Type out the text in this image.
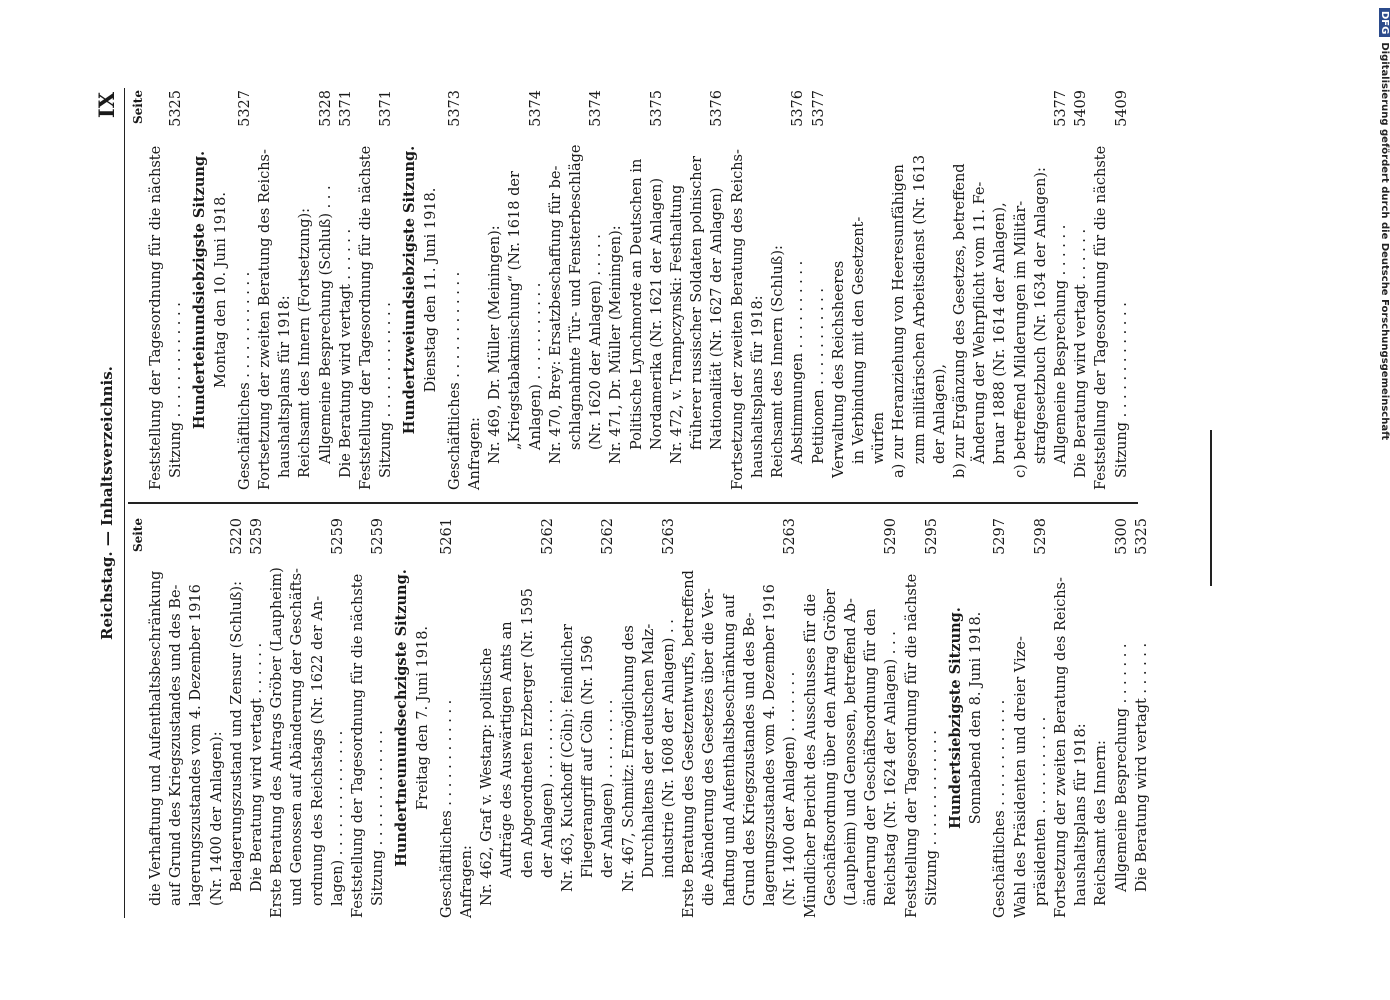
Reichstag. — Inhaltsverzeichnis.
IX
Seite
die Verhaftung und Aufenthaltsbeschränkung auf Grund des Kriegszustandes und des Be- lagerungszustandes vom 4. Dezember 1916 (Nr. 1400 der Anlagen): Belagerungszustand und Zensur (Schluß):
5220
Die Beratung wird vertagt . . . . . .
5259
Erste Beratung des Antrags Gröber (Laupheim) und Genossen auf Abänderung der Geschäfts- ordnung des Reichstags (Nr. 1622 der An- lagen) . . . . . . . . . . . . . .
5259
Feststellung der Tagesordnung für die nächste Sitzung . . . . . . . . . . . . .
5259
Hundertneunundsechzigste Sitzung. Freitag den 7. Juni 1918. Geschäftliches . . . . . . . . . . . .
5261
Anfragen: Nr. 462, Graf v. Westarp: politische Aufträge des Auswärtigen Amts an den Abgeordneten Erzberger (Nr. 1595 der Anlagen) . . . . . . . . .
5262
Nr. 463, Kuckhoff (Cöln): feindlicher Fliegerangriff auf Cöln (Nr. 1596 der Anlagen) . . . . . . . . .
5262
Nr. 467, Schmitz: Ermöglichung des Durchhaltens der deutschen Malz- industrie (Nr. 1608 der Anlagen) . .
5263
Erste Beratung des Gesetzentwurfs, betreffend die Abänderung des Gesetzes über die Ver- haftung und Aufenthaltsbeschränkung auf Grund des Kriegszustandes und des Be- lagerungszustandes vom 4. Dezember 1916 (Nr. 1400 der Anlagen) . . . . . . .
5263
Mündlicher Bericht des Ausschusses für die Geschäftsordnung über den Antrag Gröber (Laupheim) und Genossen, betreffend Ab- änderung der Geschäftsordnung für den Reichstag (Nr. 1624 der Anlagen) . . .
5290
Feststellung der Tagesordnung für die nächste Sitzung . . . . . . . . . . . . .
5295
Hundertsiebzigste Sitzung. Sonnabend den 8. Juni 1918. Geschäftliches . . . . . . . . . . . .
5297
Wahl des Präsidenten und dreier Vize- präsidenten . . . . . . . . . . .
5298
Fortsetzung der zweiten Beratung des Reichs- haushaltsplans für 1918: Reichsamt des Innern: Allgemeine Besprechung . . . . . . .
5300
Die Beratung wird vertagt . . . . . .
5325
Seite
Feststellung der Tagesordnung für die nächste Sitzung . . . . . . . . . . . . .
5325
Hunderteinundsiebzigste Sitzung. Montag den 10. Juni 1918. Geschäftliches . . . . . . . . . . . .
5327
Fortsetzung der zweiten Beratung des Reichs- haushaltsplans für 1918: Reichsamt des Innern (Fortsetzung): Allgemeine Besprechung (Schluß) . . .
5328
Die Beratung wird vertagt . . . . . .
5371
Feststellung der Tagesordnung für die nächste Sitzung . . . . . . . . . . . . .
5371
Hundertzweiundsiebzigste Sitzung. Dienstag den 11. Juni 1918. Geschäftliches . . . . . . . . . . . .
5373
Anfragen: Nr. 469, Dr. Müller (Meiningen): „Kriegstabakmischung“ (Nr. 1618 der Anlagen) . . . . . . . . . . .
5374
Nr. 470, Brey: Ersatzbeschaffung für be- schlagnahmte Tür- und Fensterbeschläge (Nr. 1620 der Anlagen) . . . . .
5374
Nr. 471, Dr. Müller (Meiningen): Politische Lynchmorde an Deutschen in Nordamerika (Nr. 1621 der Anlagen)
5375
Nr. 472, v. Trampczynski: Festhaltung früherer russischer Soldaten polnischer Nationalität (Nr. 1627 der Anlagen)
5376
Fortsetzung der zweiten Beratung des Reichs- haushaltsplans für 1918: Reichsamt des Innern (Schluß): Abstimmungen . . . . . . . . . .
5376
Petitionen . . . . . . . . . . .
5377
Verwaltung des Reichsheeres in Verbindung mit den Gesetzent- würfen a) zur Heranziehung von Heeresunfähigen zum militärischen Arbeitsdienst (Nr. 1613 der Anlagen), b) zur Ergänzung des Gesetzes, betreffend Änderung der Wehrpflicht vom 11. Fe- bruar 1888 (Nr. 1614 der Anlagen), c) betreffend Milderungen im Militär- strafgesetzbuch (Nr. 1634 der Anlagen): Allgemeine Besprechung . . . . . .
5377
Die Beratung wird vertagt . . . . . .
5409
Feststellung der Tagesordnung für die nächste Sitzung . . . . . . . . . . . . .
5409
DFGDigitalisierung gefördert durch die Deutsche Forschungsgemeinschaft
